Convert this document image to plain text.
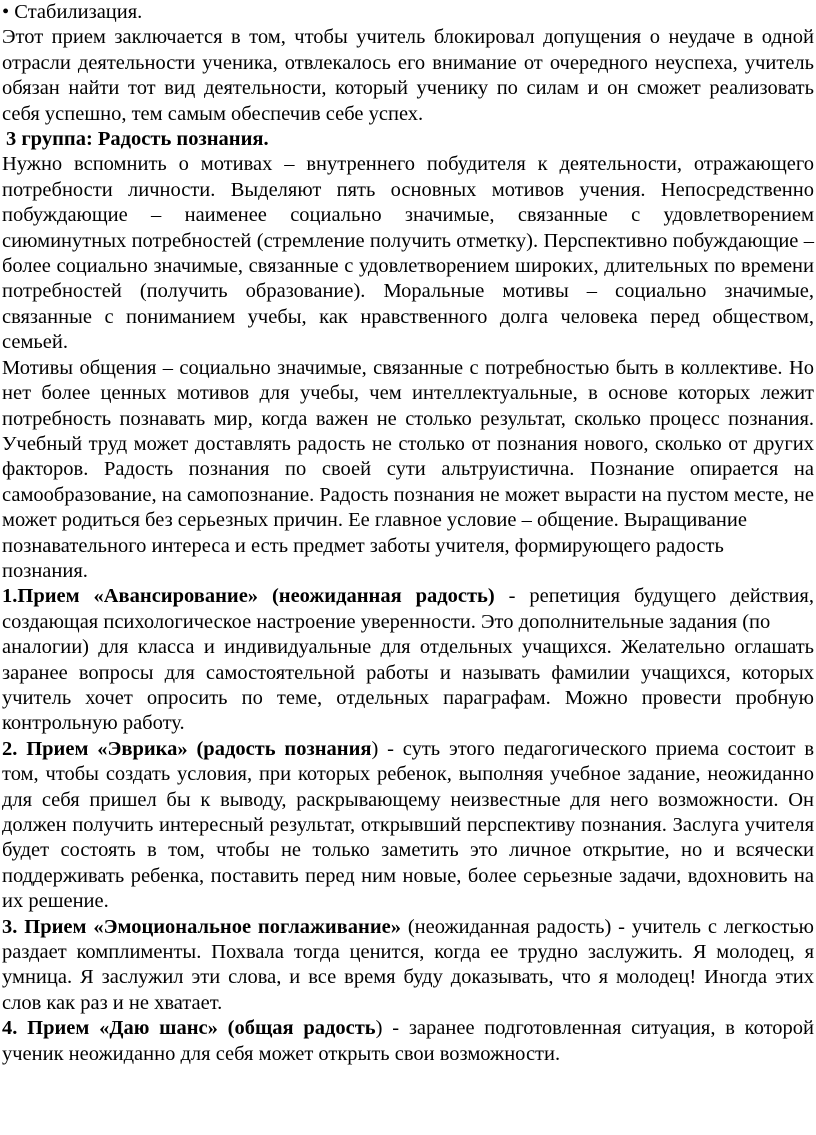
• Стабилизация.

Этот прием заключается в том, чтобы учитель блокировал допущения о неудаче в одной отрасли деятельности ученика, отвлекалось его внимание от очередного неуспеха, учитель обязан найти тот вид деятельности, который ученику по силам и он сможет реализовать себя успешно, тем самым обеспечив себе успех.

3 группа: Радость познания.

Нужно вспомнить о мотивах – внутреннего побудителя к деятельности, отражающего потребности личности. Выделяют пять основных мотивов учения. Непосредственно побуждающие – наименее социально значимые, связанные с удовлетворением сиюминутных потребностей (стремление получить отметку). Перспективно побуждающие – более социально значимые, связанные с удовлетворением широких, длительных по времени потребностей (получить образование). Моральные мотивы – социально значимые, связанные с пониманием учебы, как нравственного долга человека перед обществом, семьей.

Мотивы общения – социально значимые, связанные с потребностью быть в коллективе. Но нет более ценных мотивов для учебы, чем интеллектуальные, в основе которых лежит потребность познавать мир, когда важен не столько результат, сколько процесс познания. Учебный труд может доставлять радость не столько от познания нового, сколько от других факторов. Радость познания по своей сути альтруистична. Познание опирается на самообразование, на самопознание. Радость познания не может вырасти на пустом месте, не может родиться без серьезных причин. Ее главное условие – общение. Выращивание

познавательного интереса и есть предмет заботы учителя, формирующего радость познания.

1.Прием «Авансирование» (неожиданная радость) - репетиция будущего действия, создающая психологическое настроение уверенности. Это дополнительные задания (по

аналогии) для класса и индивидуальные для отдельных учащихся. Желательно оглашать заранее вопросы для самостоятельной работы и называть фамилии учащихся, которых учитель хочет опросить по теме, отдельных параграфам. Можно провести пробную контрольную работу.

2. Прием «Эврика» (радость познания) - суть этого педагогического приема состоит в том, чтобы создать условия, при которых ребенок, выполняя учебное задание, неожиданно для себя пришел бы к выводу, раскрывающему неизвестные для него возможности. Он должен получить интересный результат, открывший перспективу познания. Заслуга учителя будет состоять в том, чтобы не только заметить это личное открытие, но и всячески поддерживать ребенка, поставить перед ним новые, более серьезные задачи, вдохновить на их решение.

3. Прием «Эмоциональное поглаживание» (неожиданная радость) - учитель с легкостью раздает комплименты. Похвала тогда ценится, когда ее трудно заслужить. Я молодец, я умница. Я заслужил эти слова, и все время буду доказывать, что я молодец! Иногда этих слов как раз и не хватает.

4. Прием «Даю шанс» (общая радость) - заранее подготовленная ситуация, в которой ученик неожиданно для себя может открыть свои возможности.
